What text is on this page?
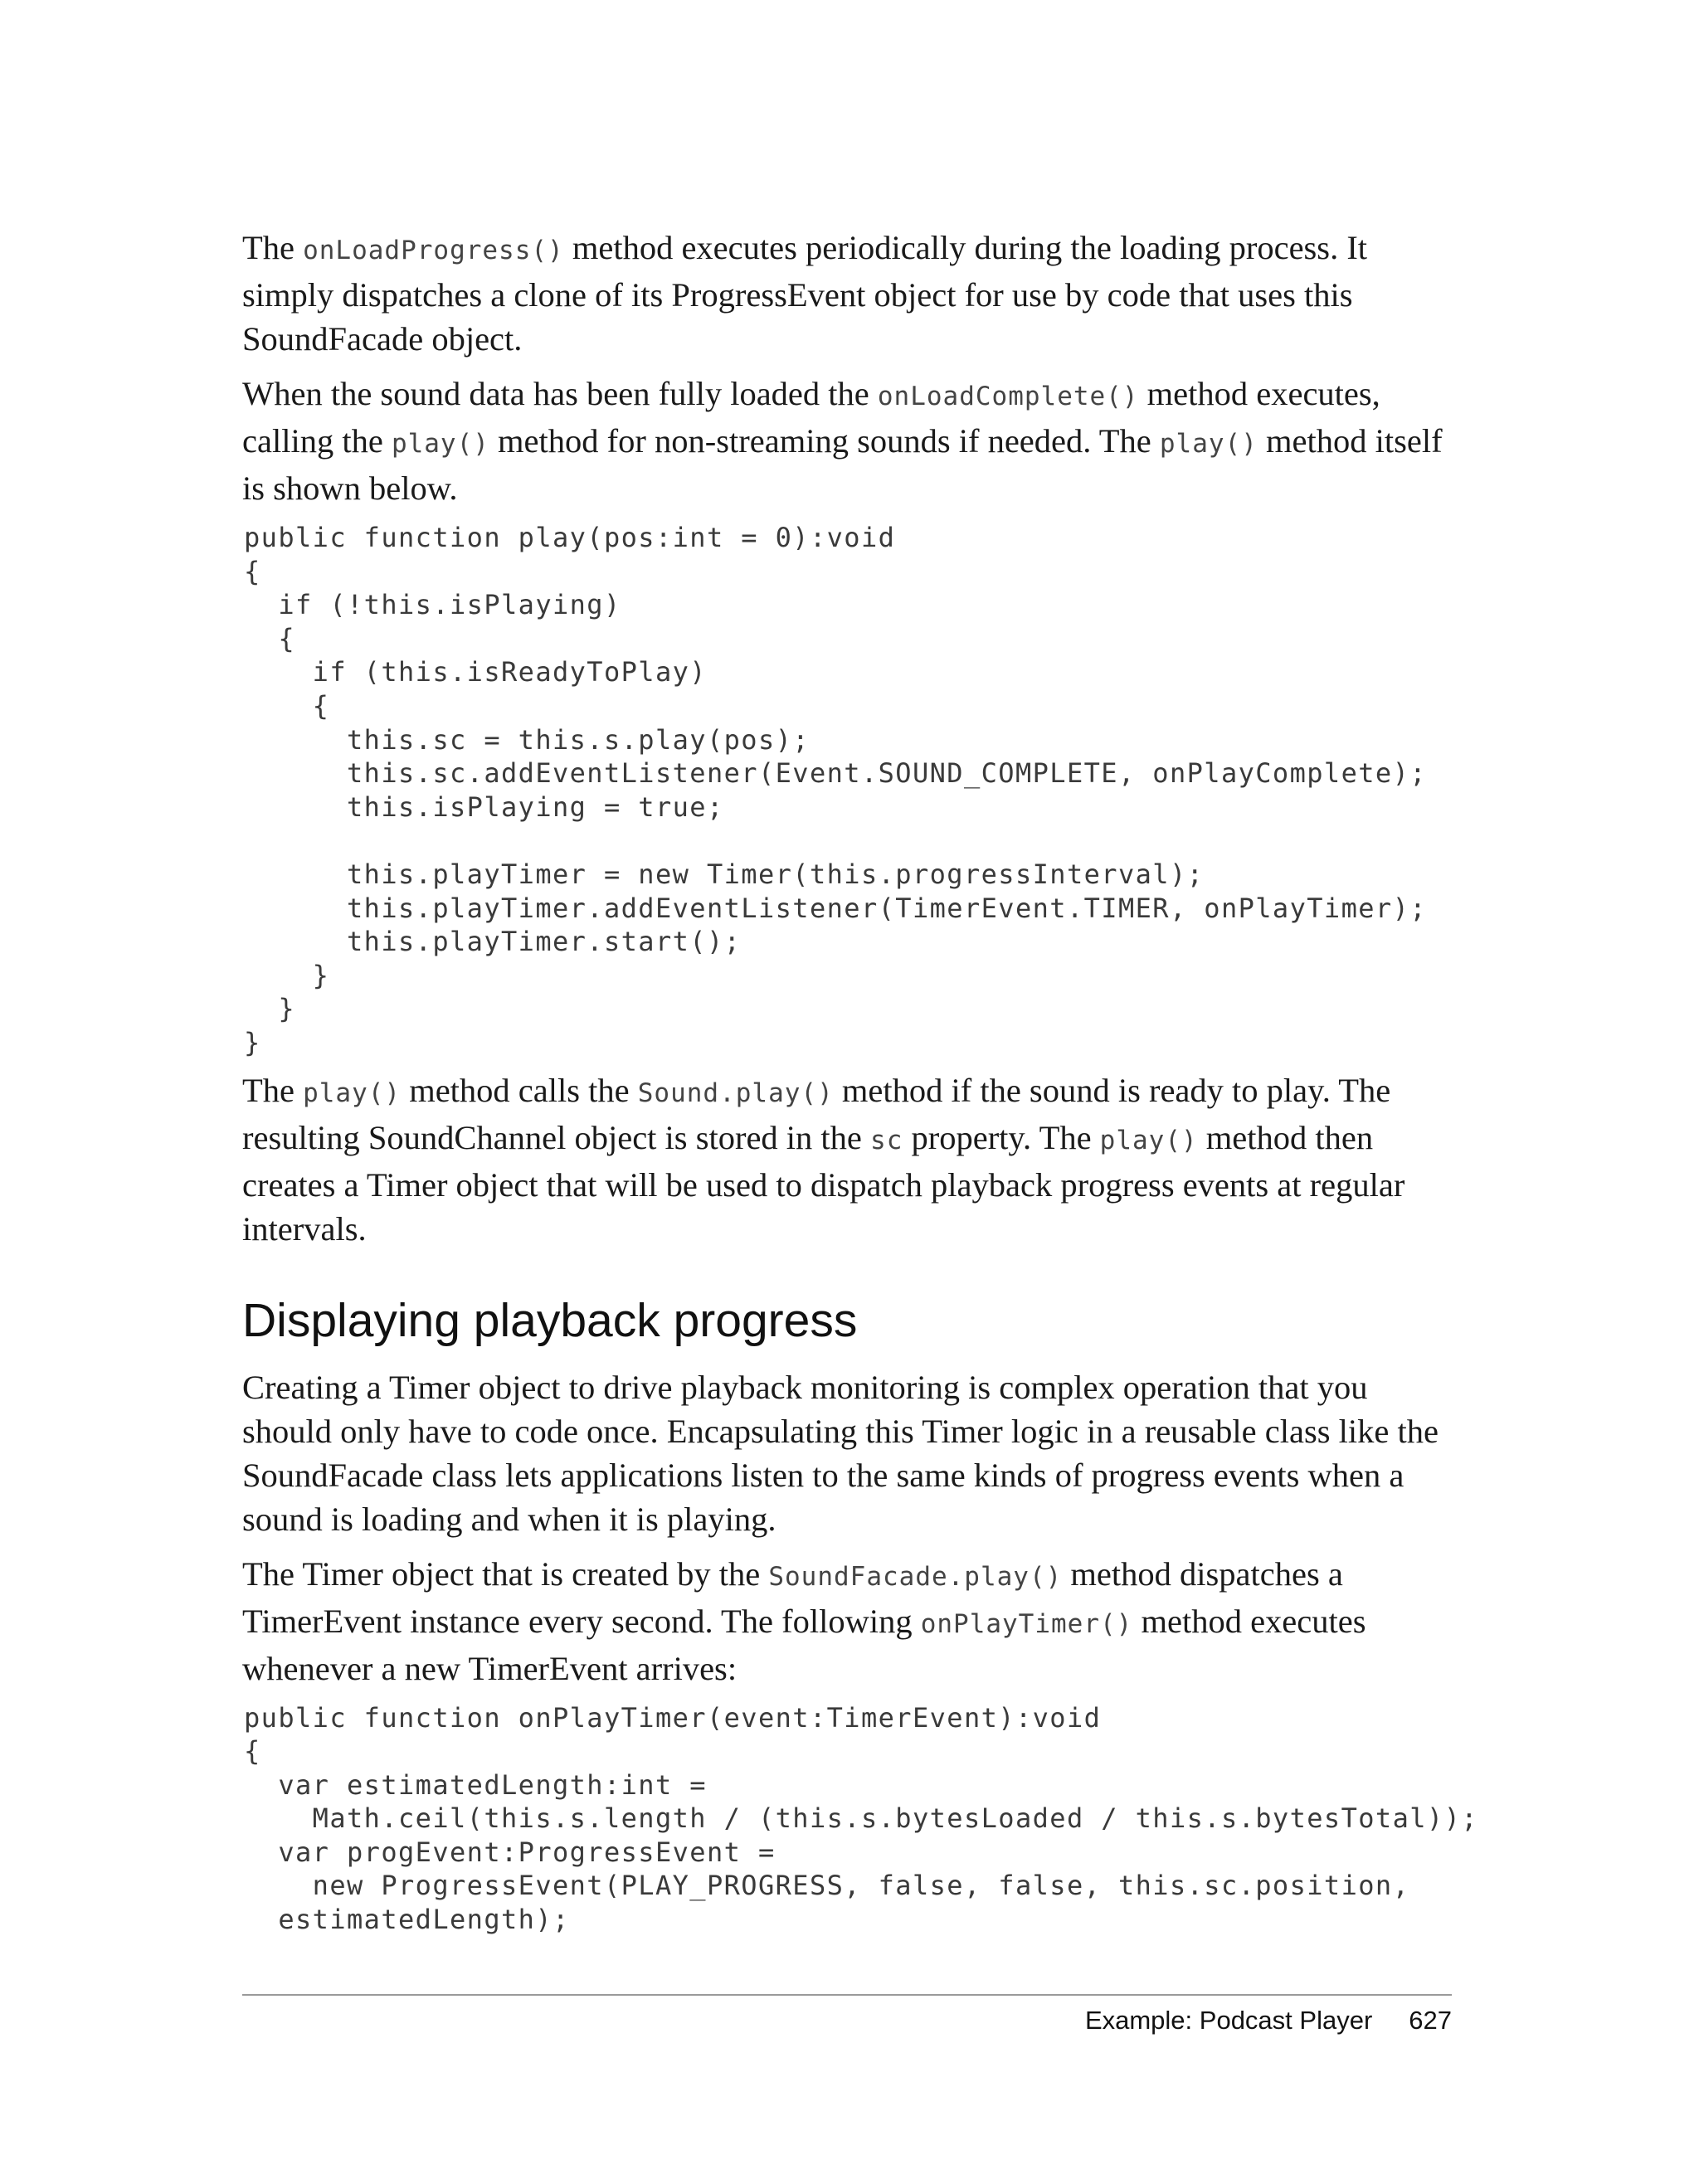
The onLoadProgress() method executes periodically during the loading process. It simply dispatches a clone of its ProgressEvent object for use by code that uses this SoundFacade object.

When the sound data has been fully loaded the onLoadComplete() method executes, calling the play() method for non-streaming sounds if needed. The play() method itself is shown below.

public function play(pos:int = 0):void
{
if (!this.isPlaying)
{
if (this.isReadyToPlay)
{
this.sc = this.s.play(pos);
this.sc.addEventListener(Event.SOUND_COMPLETE, onPlayComplete);
this.isPlaying = true;

this.playTimer = new Timer(this.progressInterval);
this.playTimer.addEventListener(TimerEvent.TIMER, onPlayTimer);
this.playTimer.start();
}
}
}

The play() method calls the Sound.play() method if the sound is ready to play. The resulting SoundChannel object is stored in the sc property. The play() method then creates a Timer object that will be used to dispatch playback progress events at regular intervals.

Displaying playback progress

Creating a Timer object to drive playback monitoring is complex operation that you should only have to code once. Encapsulating this Timer logic in a reusable class like the SoundFacade class lets applications listen to the same kinds of progress events when a sound is loading and when it is playing.

The Timer object that is created by the SoundFacade.play() method dispatches a TimerEvent instance every second. The following onPlayTimer() method executes whenever a new TimerEvent arrives:

public function onPlayTimer(event:TimerEvent):void
{
var estimatedLength:int =
Math.ceil(this.s.length / (this.s.bytesLoaded / this.s.bytesTotal));
var progEvent:ProgressEvent =
new ProgressEvent(PLAY_PROGRESS, false, false, this.sc.position,
estimatedLength);
Example: Podcast Player 627
